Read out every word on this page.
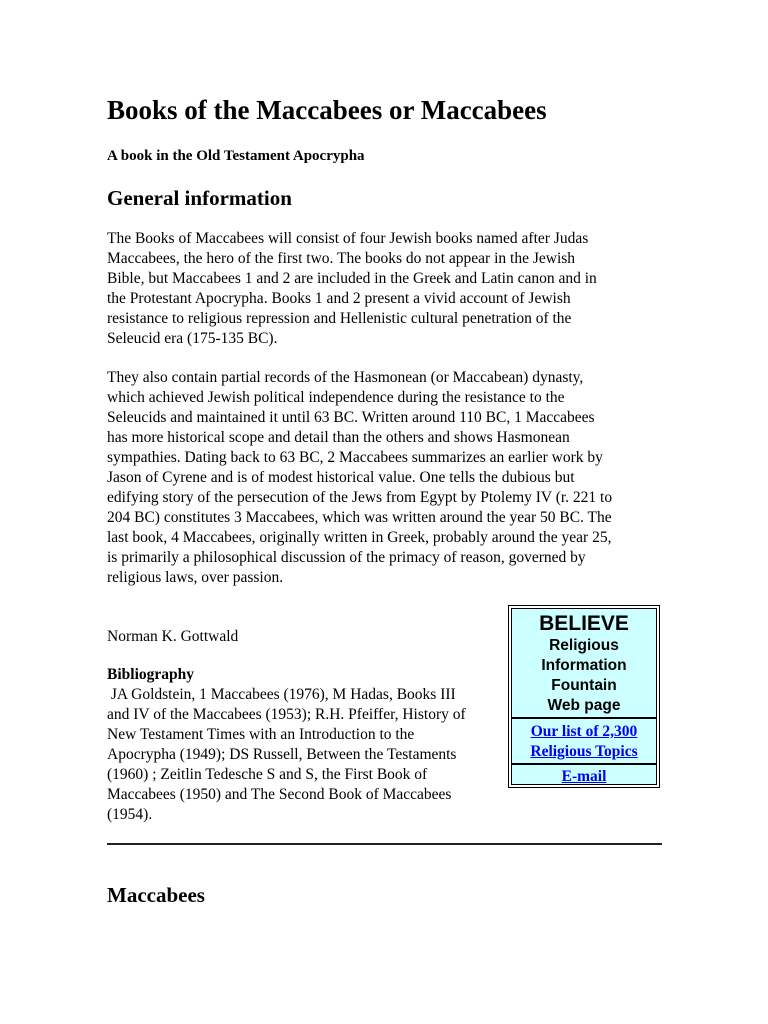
Books of the Maccabees or Maccabees

A book in the Old Testament Apocrypha

General information

The Books of Maccabees will consist of four Jewish books named after Judas
Maccabees, the hero of the first two. The books do not appear in the Jewish
Bible, but Maccabees 1 and 2 are included in the Greek and Latin canon and in
the Protestant Apocrypha. Books 1 and 2 present a vivid account of Jewish
resistance to religious repression and Hellenistic cultural penetration of the
Seleucid era (175-135 BC).

They also contain partial records of the Hasmonean (or Maccabean) dynasty,
which achieved Jewish political independence during the resistance to the
Seleucids and maintained it until 63 BC. Written around 110 BC, 1 Maccabees
has more historical scope and detail than the others and shows Hasmonean
sympathies. Dating back to 63 BC, 2 Maccabees summarizes an earlier work by
Jason of Cyrene and is of modest historical value. One tells the dubious but
edifying story of the persecution of the Jews from Egypt by Ptolemy IV (r. 221 to
204 BC) constitutes 3 Maccabees, which was written around the year 50 BC. The
last book, 4 Maccabees, originally written in Greek, probably around the year 25,
is primarily a philosophical discussion of the primacy of reason, governed by
religious laws, over passion.

Norman K. Gottwald

Bibliography

JA Goldstein, 1 Maccabees (1976), M Hadas, Books III
and IV of the Maccabees (1953); R.H. Pfeiffer, History of
New Testament Times with an Introduction to the
Apocrypha (1949); DS Russell, Between the Testaments
(1960) ; Zeitlin Tedesche S and S, the First Book of
Maccabees (1950) and The Second Book of Maccabees
(1954).

Maccabees
BELIEVE
Religious
Information
Fountain
Web page
Our list of 2,300
Religious Topics
E-mail
